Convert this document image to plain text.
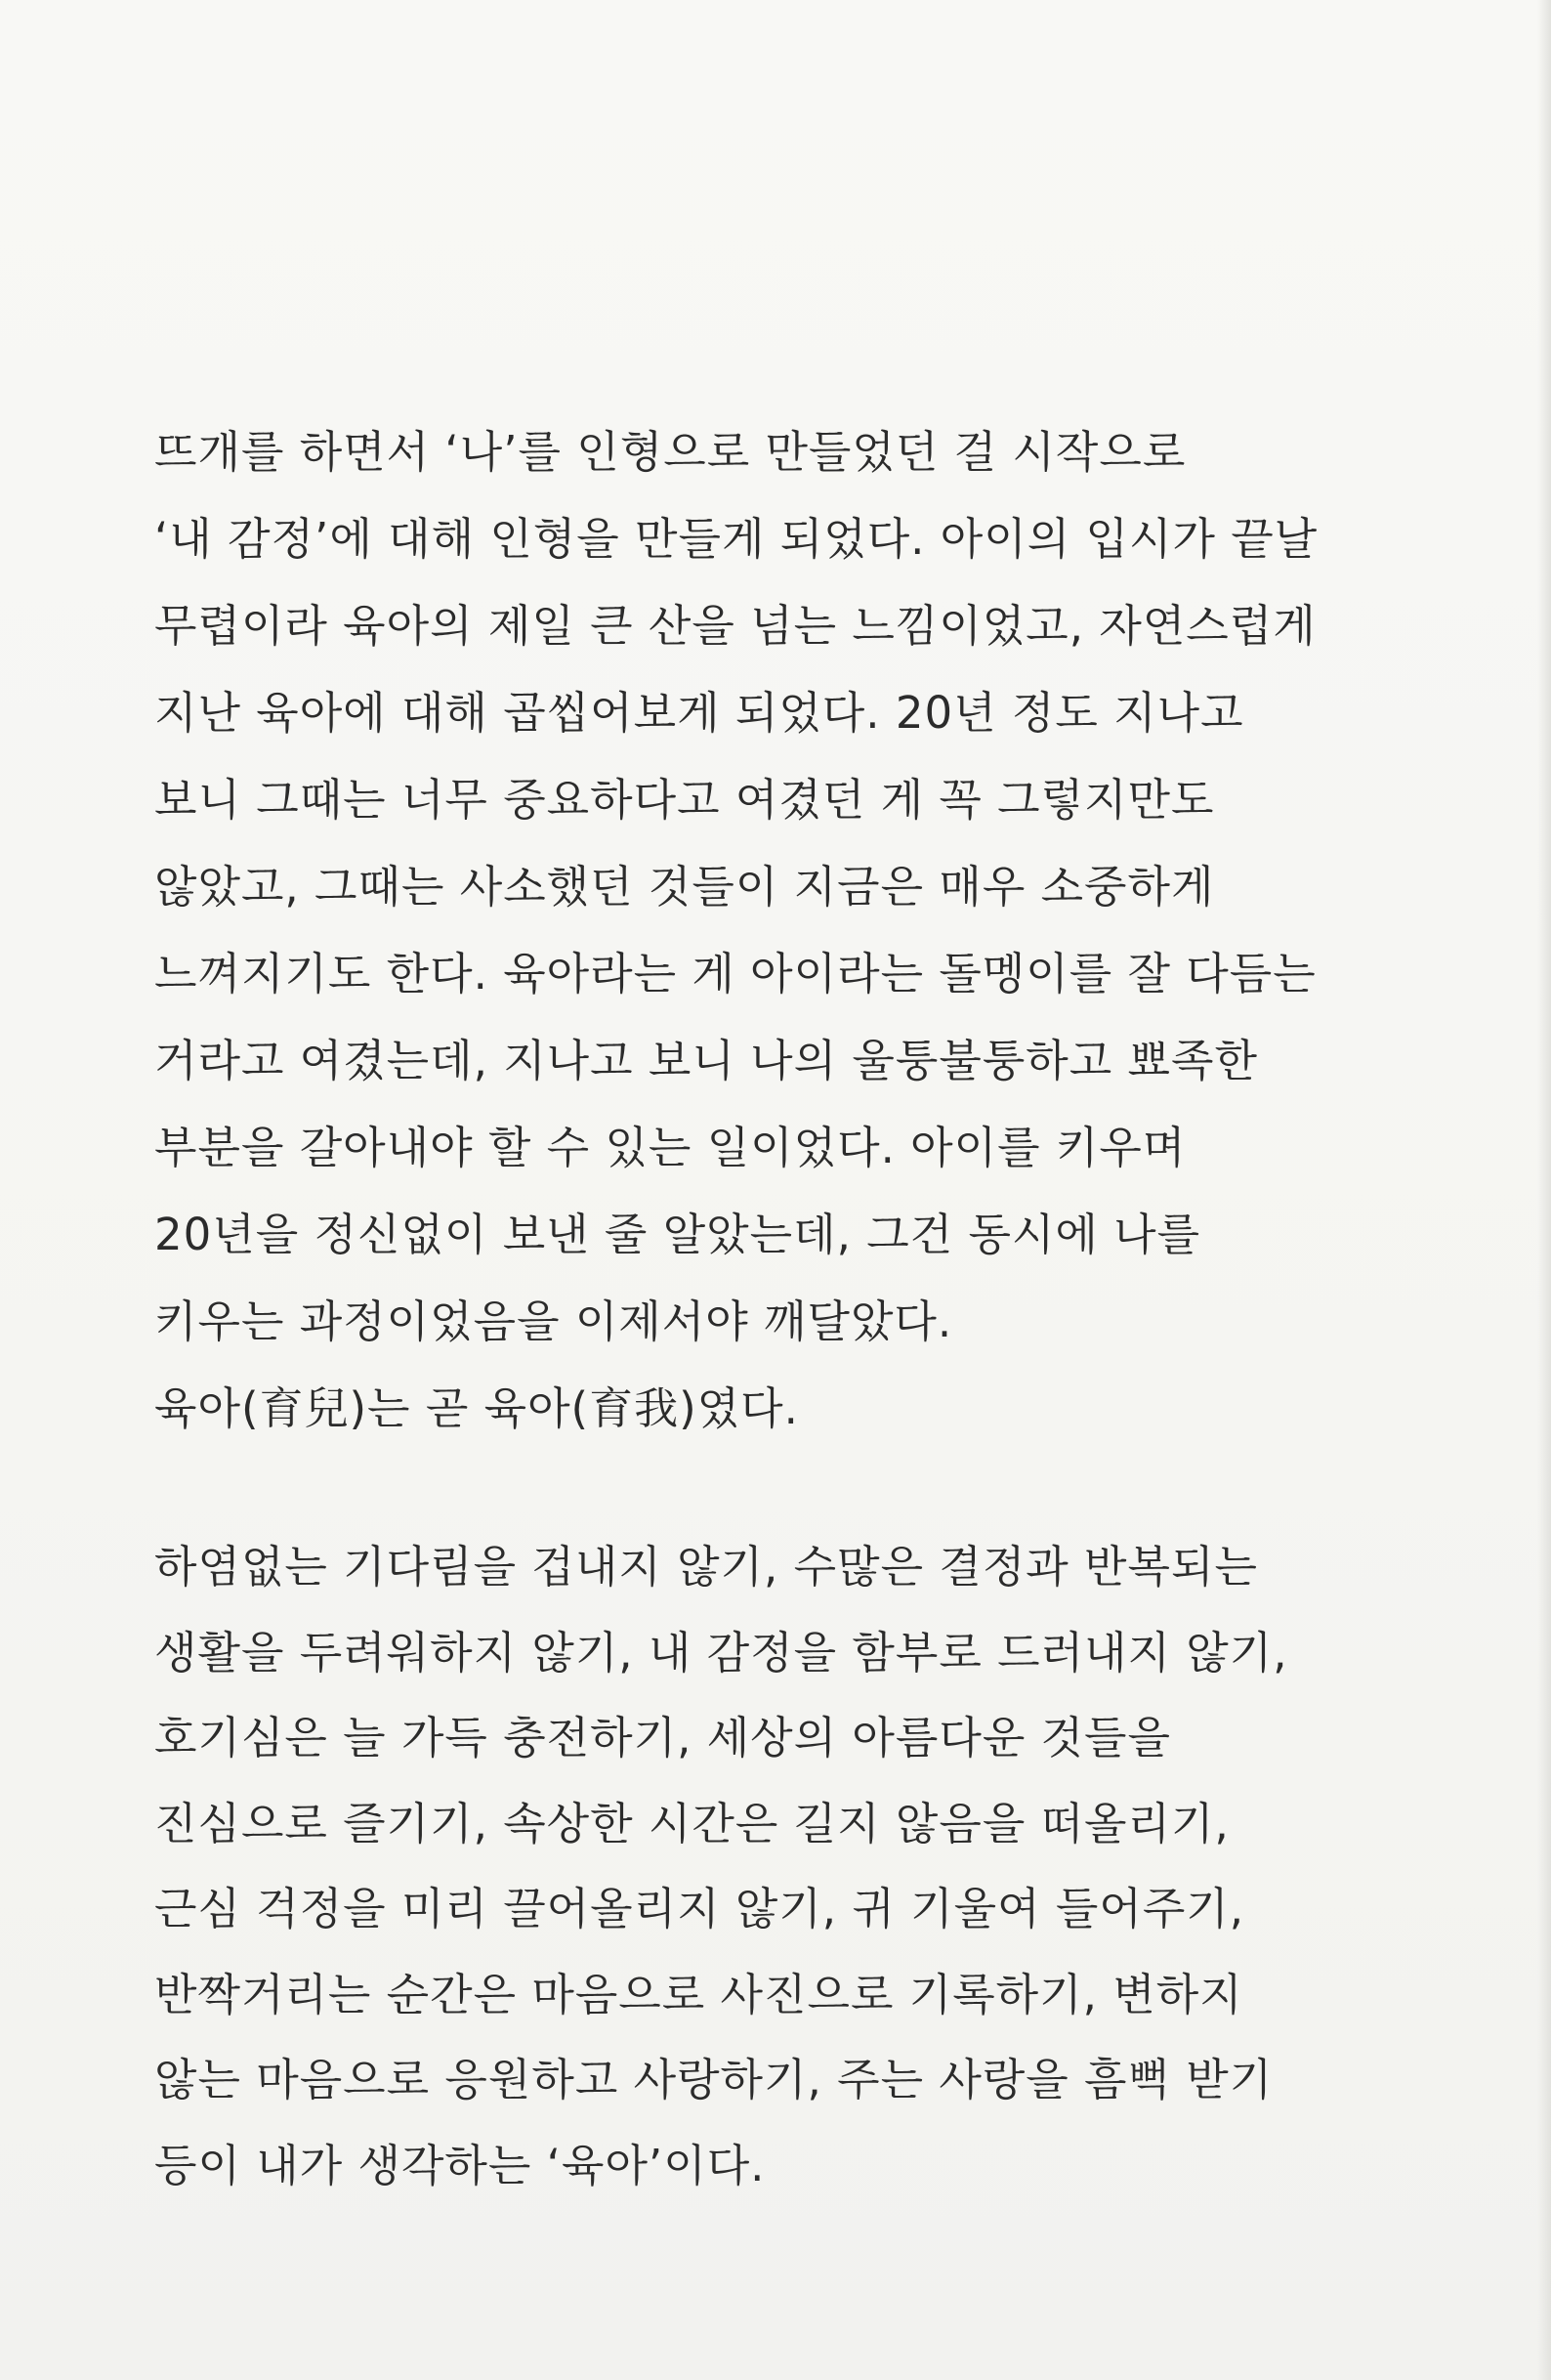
뜨개를 하면서 ‘나’를 인형으로 만들었던 걸 시작으로
‘내 감정’에 대해 인형을 만들게 되었다. 아이의 입시가 끝날
무렵이라 육아의 제일 큰 산을 넘는 느낌이었고, 자연스럽게
지난 육아에 대해 곱씹어보게 되었다. 20년 정도 지나고
보니 그때는 너무 중요하다고 여겼던 게 꼭 그렇지만도
않았고, 그때는 사소했던 것들이 지금은 매우 소중하게
느껴지기도 한다. 육아라는 게 아이라는 돌멩이를 잘 다듬는
거라고 여겼는데, 지나고 보니 나의 울퉁불퉁하고 뾰족한
부분을 갈아내야 할 수 있는 일이었다. 아이를 키우며
20년을 정신없이 보낸 줄 알았는데, 그건 동시에 나를
키우는 과정이었음을 이제서야 깨달았다.
육아(育兒)는 곧 육아(育我)였다.
하염없는 기다림을 겁내지 않기, 수많은 결정과 반복되는
생활을 두려워하지 않기, 내 감정을 함부로 드러내지 않기,
호기심은 늘 가득 충전하기, 세상의 아름다운 것들을
진심으로 즐기기, 속상한 시간은 길지 않음을 떠올리기,
근심 걱정을 미리 끌어올리지 않기, 귀 기울여 들어주기,
반짝거리는 순간은 마음으로 사진으로 기록하기, 변하지
않는 마음으로 응원하고 사랑하기, 주는 사랑을 흠뻑 받기
등이 내가 생각하는 ‘육아’이다.
